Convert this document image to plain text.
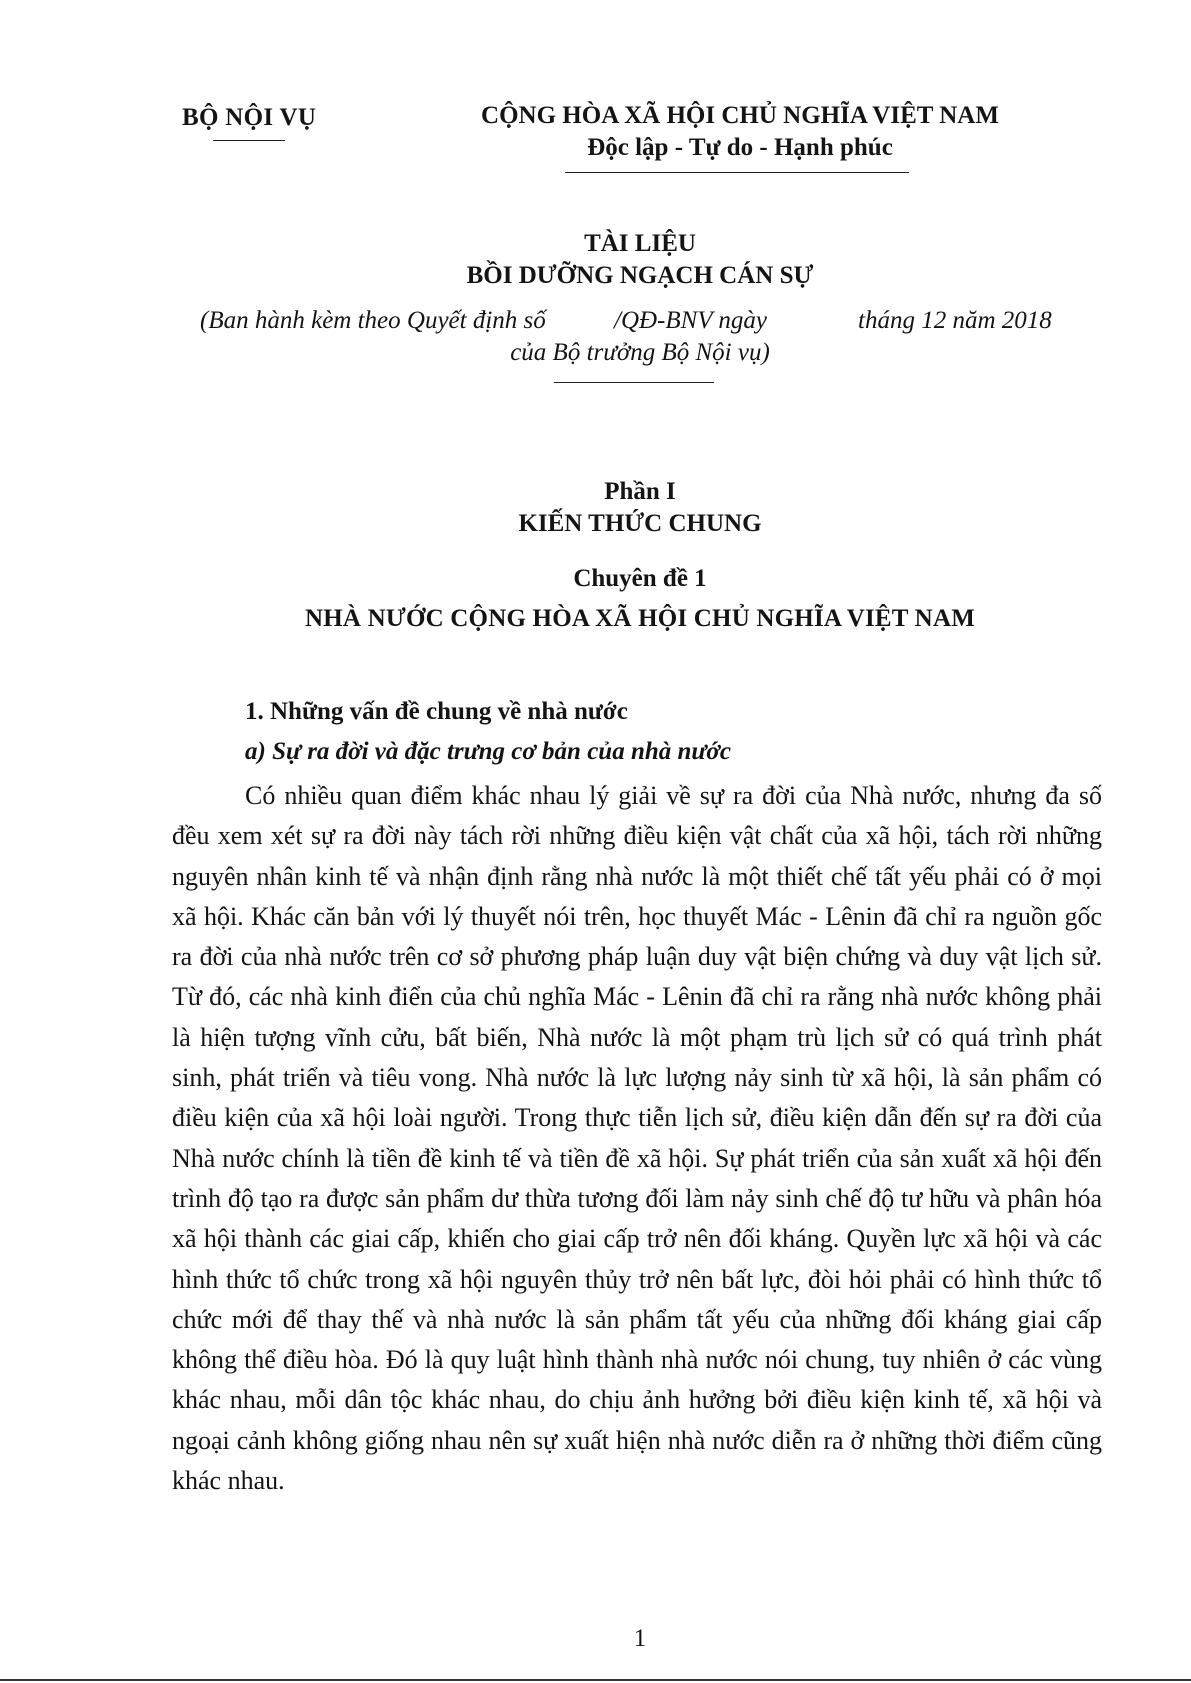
BỘ NỘI VỤ	CỘNG HÒA XÃ HỘI CHỦ NGHĨA VIỆT NAM
Độc lập - Tự do - Hạnh phúc
TÀI LIỆU
BỒI DƯỠNG NGẠCH CÁN SỰ
(Ban hành kèm theo Quyết định số	/QĐ-BNV ngày	tháng 12 năm 2018
của Bộ trưởng Bộ Nội vụ)
Phần I
KIẾN THỨC CHUNG
Chuyên đề 1
NHÀ NƯỚC CỘNG HÒA XÃ HỘI CHỦ NGHĨA VIỆT NAM
1. Những vấn đề chung về nhà nước
a) Sự ra đời và đặc trưng cơ bản của nhà nước

Có nhiều quan điểm khác nhau lý giải về sự ra đời của Nhà nước, nhưng đa số đều xem xét sự ra đời này tách rời những điều kiện vật chất của xã hội, tách rời những nguyên nhân kinh tế và nhận định rằng nhà nước là một thiết chế tất yếu phải có ở mọi xã hội. Khác căn bản với lý thuyết nói trên, học thuyết Mác - Lênin đã chỉ ra nguồn gốc ra đời của nhà nước trên cơ sở phương pháp luận duy vật biện chứng và duy vật lịch sử. Từ đó, các nhà kinh điển của chủ nghĩa Mác - Lênin đã chỉ ra rằng nhà nước không phải là hiện tượng vĩnh cửu, bất biến, Nhà nước là một phạm trù lịch sử có quá trình phát sinh, phát triển và tiêu vong. Nhà nước là lực lượng nảy sinh từ xã hội, là sản phẩm có điều kiện của xã hội loài người. Trong thực tiễn lịch sử, điều kiện dẫn đến sự ra đời của Nhà nước chính là tiền đề kinh tế và tiền đề xã hội. Sự phát triển của sản xuất xã hội đến trình độ tạo ra được sản phẩm dư thừa tương đối làm nảy sinh chế độ tư hữu và phân hóa xã hội thành các giai cấp, khiến cho giai cấp trở nên đối kháng. Quyền lực xã hội và các hình thức tổ chức trong xã hội nguyên thủy trở nên bất lực, đòi hỏi phải có hình thức tổ chức mới để thay thế và nhà nước là sản phẩm tất yếu của những đối kháng giai cấp không thể điều hòa. Đó là quy luật hình thành nhà nước nói chung, tuy nhiên ở các vùng khác nhau, mỗi dân tộc khác nhau, do chịu ảnh hưởng bởi điều kiện kinh tế, xã hội và ngoại cảnh không giống nhau nên sự xuất hiện nhà nước diễn ra ở những thời điểm cũng khác nhau.

1
